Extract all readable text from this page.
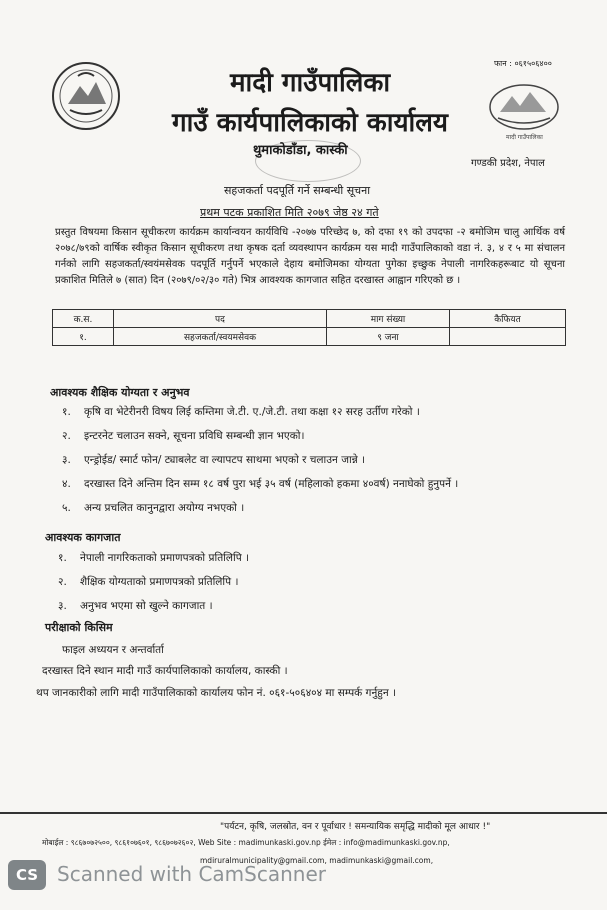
फान : ०६१५०६४००
मादी गाउँपालिका
मादी गाउँपालिका
गाउँ कार्यपालिकाको कार्यालय
थुमाकोडाँडा, कास्की
गण्डकी प्रदेश, नेपाल
सहजकर्ता पदपूर्ति गर्ने सम्बन्धी सूचना
प्रथम पटक प्रकाशित मिति २०७९ जेष्ठ २४ गते
प्रस्तुत विषयमा किसान सूचीकरण कार्यक्रम कार्यान्वयन कार्यविधि -२०७७ परिच्छेद ७, को दफा १९ को उपदफा -२ बमोजिम चालु आर्थिक वर्ष २०७८/७९को वार्षिक स्वीकृत किसान सूचीकरण तथा कृषक दर्ता व्यवस्थापन कार्यक्रम यस मादी गाउँपालिकाको वडा नं. ३, ४ र ५ मा संचालन गर्नको लागि सहजकर्ता/स्वयंमसेवक पदपूर्ति गर्नुपर्ने भएकाले देहाय बमोजिमका योग्यता पुगेका इच्छुक नेपाली नागरिकहरूबाट यो सूचना प्रकाशित मितिले ७ (सात) दिन (२०७९/०२/३० गते) भित्र आवश्यक कागजात सहित दरखास्त आह्वान गरिएको छ ।
क.स.	पद	माग संख्या	कैफियत
१.	सहजकर्ता/स्वयमसेवक	९ जना	
आवश्यक शैक्षिक योग्यता र अनुभव
१. कृषि वा भेटेरीनरी विषय लिई कम्तिमा जे.टी. ए./जे.टी. तथा कक्षा १२ सरह उर्तीण गरेको ।
२. इन्टरनेट चलाउन सक्ने, सूचना प्रविधि सम्बन्धी ज्ञान भएको।
३. एन्ड्रोईड/ स्मार्ट फोन/ ट्याबलेट वा ल्यापटप साथमा भएको र चलाउन जान्ने ।
४. दरखास्त दिने अन्तिम दिन सम्म १८ वर्ष पुरा भई ३५ वर्ष (महिलाको हकमा ४०वर्ष) ननाघेको हुनुपर्ने ।
५. अन्य प्रचलित कानुनद्वारा अयोग्य नभएको ।
आवश्यक कागजात
१. नेपाली नागरिकताको प्रमाणपत्रको प्रतिलिपि ।
२. शैक्षिक योग्यताको प्रमाणपत्रको प्रतिलिपि ।
३. अनुभव भएमा सो खुल्ने कागजात ।
परीक्षाको किसिम
फाइल अध्ययन र अन्तर्वार्ता
दरखास्त दिने स्थान मादी गाउँ कार्यपालिकाको कार्यालय, कास्की ।
थप जानकारीको लागि मादी गाउँपालिकाको कार्यालय फोन नं. ०६१-५०६४०४ मा सम्पर्क गर्नुहुन ।
"पर्यटन, कृषि, जलस्रोत, वन र पूर्वाधार ! समन्यायिक समृद्धि मादीको मूल आधार !"
मोबाईल : ९८६७०७२५००, ९८६१०७६०१, ९८६७०७२६०२, Web Site : madimunkaski.gov.np ईमेल : info@madimunkaski.gov.np,
mdiruralmunicipality@gmail.com, madimunkaski@gmail.com,
CS Scanned with CamScanner
